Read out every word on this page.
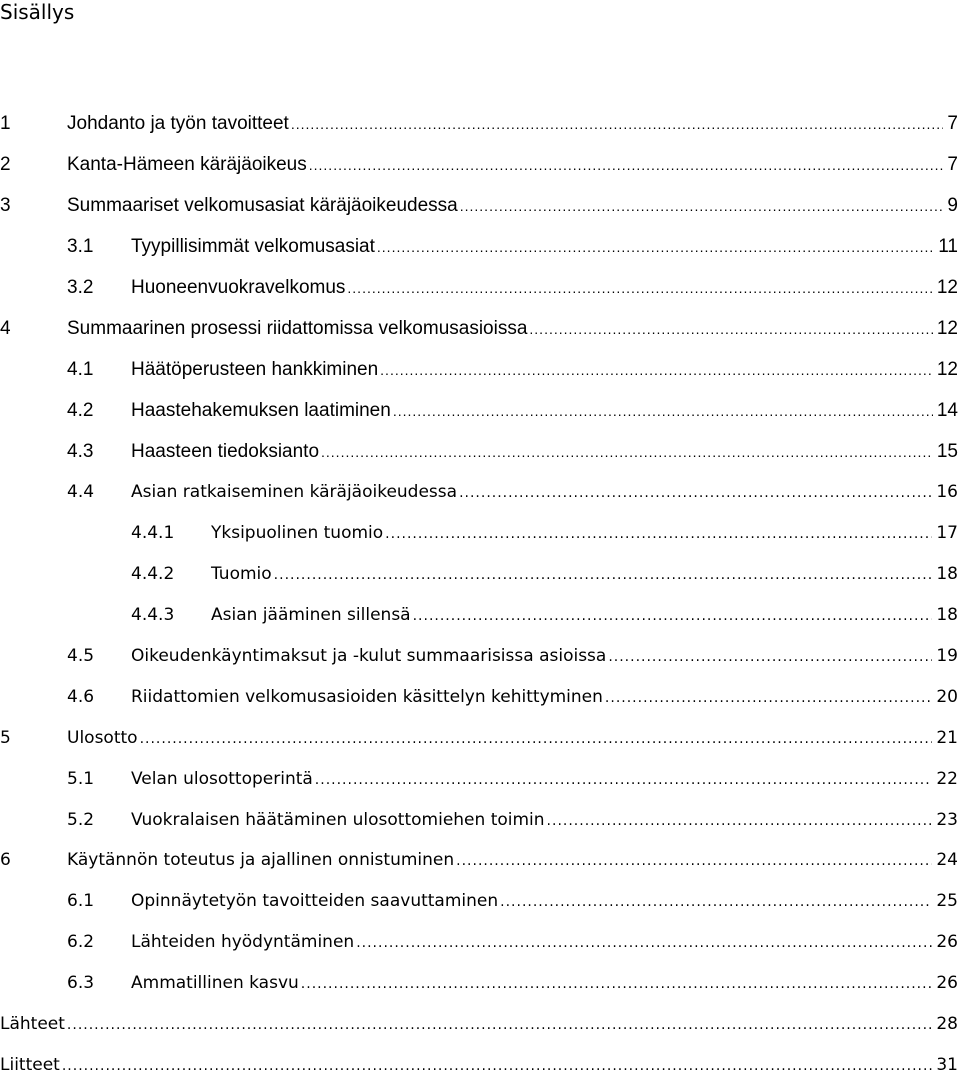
Sisällys
1	Johdanto ja työn tavoitteet .....	7
2	Kanta-Hämeen käräjäoikeus .....	7
3	Summaariset velkomusasiat käräjäoikeudessa .....	9
3.1 Tyypillisimmät velkomusasiat .....	11
3.2 Huoneenvuokravelkomus .....	12
4	Summaarinen prosessi riidattomissa velkomusasioissa .....	12
4.1 Häätöperusteen hankkiminen .....	12
4.2 Haastehakemuksen laatiminen .....	14
4.3 Haasteen tiedoksianto .....	15
4.4 Asian ratkaiseminen käräjäoikeudessa .....	16
4.4.1 Yksipuolinen tuomio .....	17
4.4.2 Tuomio .....	18
4.4.3 Asian jääminen sillensä .....	18
4.5 Oikeudenkäyntimaksut ja -kulut summaarisissa asioissa .....	19
4.6 Riidattomien velkomusasioiden käsittelyn kehittyminen .....	20
5	Ulosotto .....	21
5.1 Velan ulosottoperintä .....	22
5.2 Vuokralaisen häätäminen ulosottomiehen toimin .....	23
6	Käytännön toteutus ja ajallinen onnistuminen .....	24
6.1 Opinnäytetyön tavoitteiden saavuttaminen .....	25
6.2 Lähteiden hyödyntäminen .....	26
6.3 Ammatillinen kasvu .....	26
Lähteet .....	28
Liitteet .....	31
